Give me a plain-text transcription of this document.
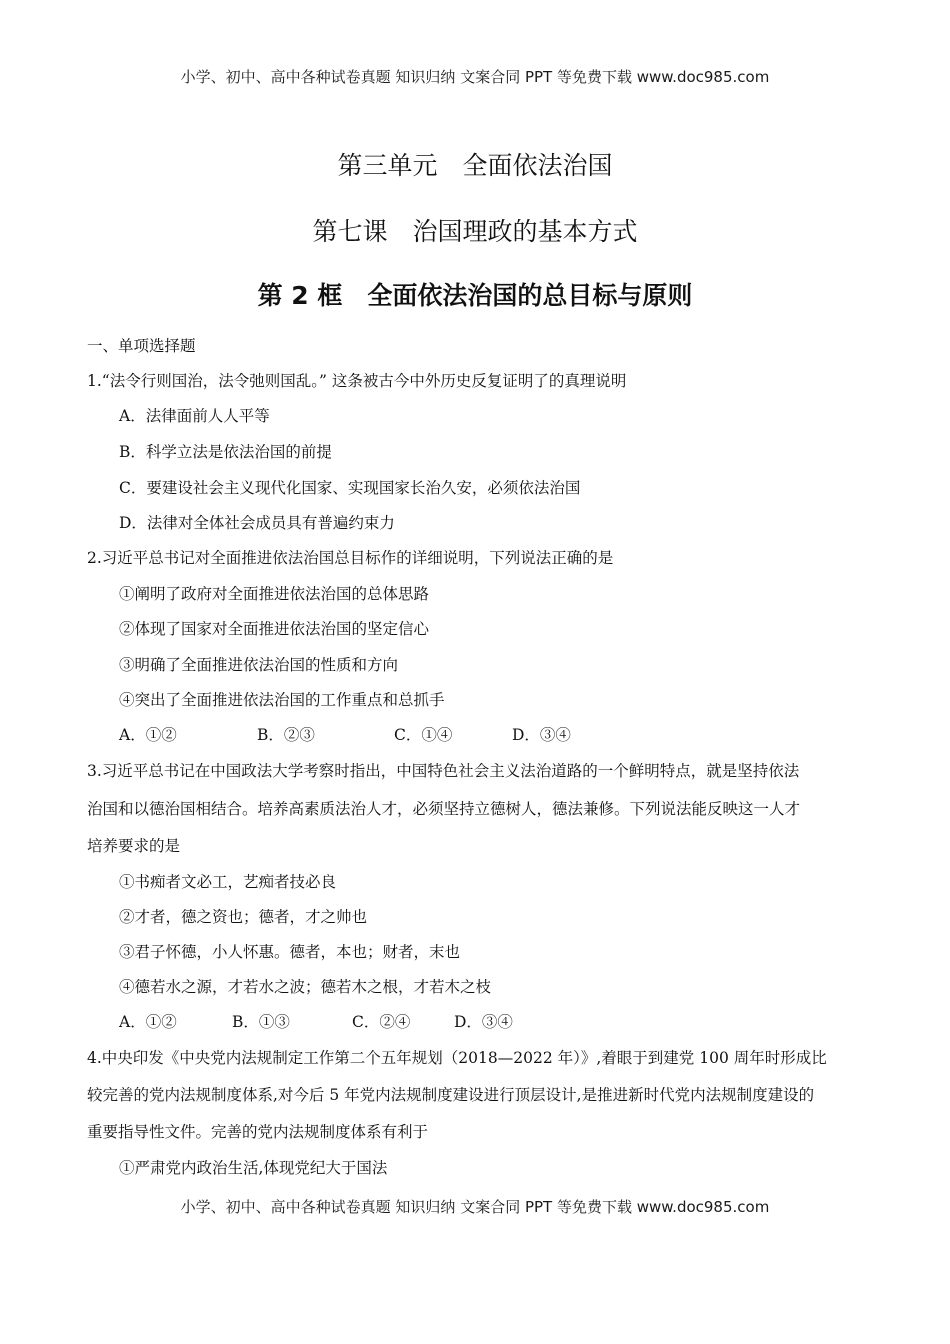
小学、初中、高中各种试卷真题 知识归纳 文案合同 PPT 等免费下载 www.doc985.com
第三单元　全面依法治国
第七课　治国理政的基本方式
第 2 框　全面依法治国的总目标与原则
一、单项选择题
1.“法令行则国治，法令弛则国乱。” 这条被古今中外历史反复证明了的真理说明
A．法律面前人人平等
B．科学立法是依法治国的前提
C．要建设社会主义现代化国家、实现国家长治久安，必须依法治国
D．法律对全体社会成员具有普遍约束力
2.习近平总书记对全面推进依法治国总目标作的详细说明，下列说法正确的是
①阐明了政府对全面推进依法治国的总体思路
②体现了国家对全面推进依法治国的坚定信心
③明确了全面推进依法治国的性质和方向
④突出了全面推进依法治国的工作重点和总抓手
A．①②	B．②③	C．①④	D．③④
3.习近平总书记在中国政法大学考察时指出，中国特色社会主义法治道路的一个鲜明特点，就是坚持依法
治国和以德治国相结合。培养高素质法治人才，必须坚持立德树人，德法兼修。下列说法能反映这一人才
培养要求的是
①书痴者文必工，艺痴者技必良
②才者，德之资也；德者，才之帅也
③君子怀德，小人怀惠。德者，本也；财者，末也
④德若水之源，才若水之波；德若木之根，才若木之枝
A．①②	B．①③	C．②④	D．③④
4.中央印发《中央党内法规制定工作第二个五年规划（2018—2022 年）》,着眼于到建党 100 周年时形成比
较完善的党内法规制度体系,对今后 5 年党内法规制度建设进行顶层设计,是推进新时代党内法规制度建设的
重要指导性文件。完善的党内法规制度体系有利于
①严肃党内政治生活,体现党纪大于国法
小学、初中、高中各种试卷真题 知识归纳 文案合同 PPT 等免费下载 www.doc985.com
